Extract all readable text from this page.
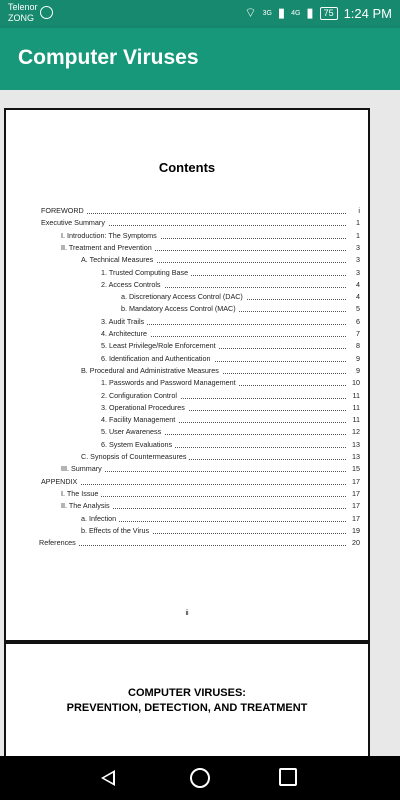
Telenor
ZONG	⌔ 3G ▮ 4G ▮	75 1:24 PM
Computer Viruses
Contents
FOREWORD	i
Executive Summary	1
I. Introduction: The Symptoms	1
II. Treatment and Prevention	3
A. Technical Measures	3
1. Trusted Computing Base	3
2. Access Controls	4
a. Discretionary Access Control (DAC)	4
b. Mandatory Access Control (MAC)	5
3. Audit Trails	6
4. Architecture	7
5. Least Privilege/Role Enforcement	8
6. Identification and Authentication	9
B. Procedural and Administrative Measures	9
1. Passwords and Password Management	10
2. Configuration Control	11
3. Operational Procedures	11
4. Facility Management	11
5. User Awareness	12
6. System Evaluations	13
C. Synopsis of Countermeasures	13
III. Summary	15
APPENDIX	17
I. The Issue	17
II. The Analysis	17
a. Infection	17
b. Effects of the Virus	19
References	20
ii
COMPUTER VIRUSES:
PREVENTION, DETECTION, AND TREATMENT
